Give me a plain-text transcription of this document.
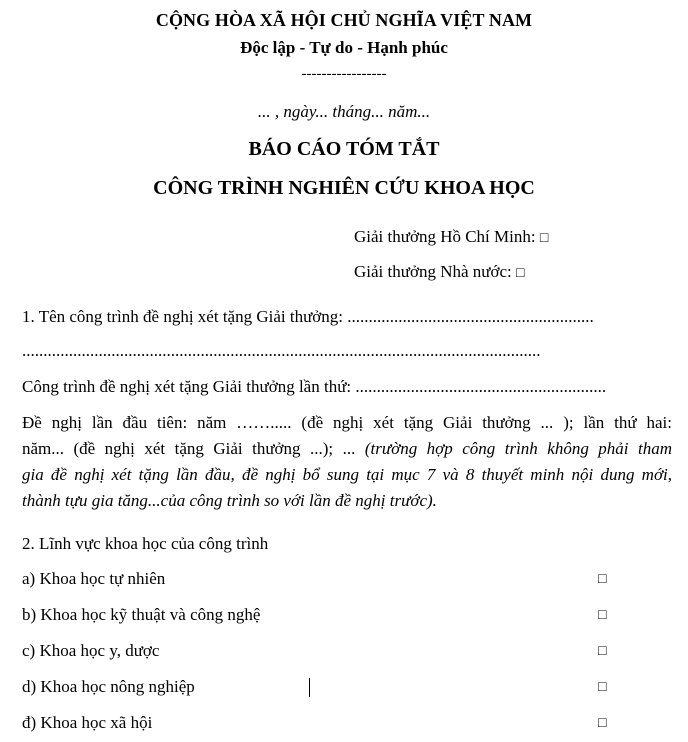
CỘNG HÒA XÃ HỘI CHỦ NGHĨA VIỆT NAM
Độc lập - Tự do - Hạnh phúc
-----------------
... , ngày... tháng... năm...
BÁO CÁO TÓM TẮT
CÔNG TRÌNH NGHIÊN CỨU KHOA HỌC
Giải thưởng Hồ Chí Minh: □
Giải thưởng Nhà nước: □
1. Tên công trình đề nghị xét tặng Giải thưởng: ..........................................................
..........................................................................................................................
Công trình đề nghị xét tặng Giải thưởng lần thứ: ...........................................................
Đề nghị lần đầu tiên: năm ……..... (đề nghị xét tặng Giải thưởng ... ); lần thứ hai:
năm... (đề nghị xét tặng Giải thưởng ...); ... (trường hợp công trình không phải tham
gia đề nghị xét tặng lần đầu, đề nghị bổ sung tại mục 7 và 8 thuyết minh nội dung mới,
thành tựu gia tăng...của công trình so với lần đề nghị trước).
2. Lĩnh vực khoa học của công trình
a) Khoa học tự nhiên	□
b) Khoa học kỹ thuật và công nghệ	□
c) Khoa học y, dược	□
d) Khoa học nông nghiệp	□
đ) Khoa học xã hội	□
